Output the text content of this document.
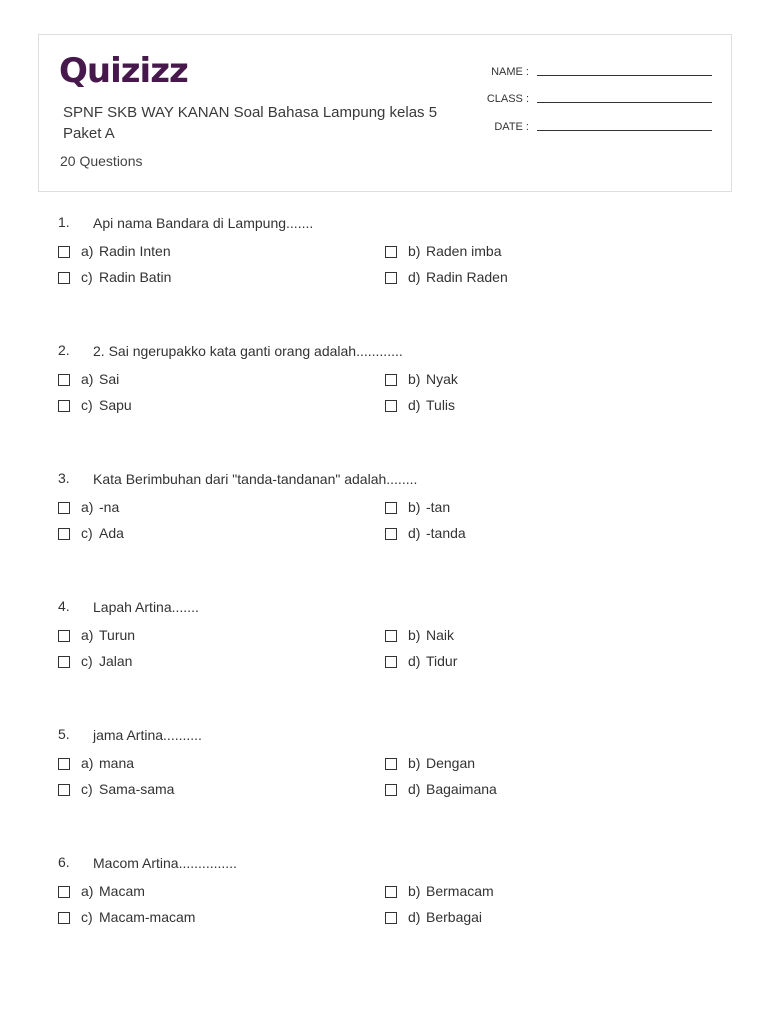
Quizizz
SPNF SKB WAY KANAN Soal Bahasa Lampung kelas 5 Paket A
20 Questions
NAME :
CLASS :
DATE :
1. Api nama Bandara di Lampung.......
a) Radin Inten	b) Raden imba
c) Radin Batin	d) Radin Raden
2. 2. Sai ngerupakko kata ganti orang adalah............
a) Sai	b) Nyak
c) Sapu	d) Tulis
3. Kata Berimbuhan dari "tanda-tandanan" adalah........
a) -na	b) -tan
c) Ada	d) -tanda
4. Lapah Artina.......
a) Turun	b) Naik
c) Jalan	d) Tidur
5. jama Artina..........
a) mana	b) Dengan
c) Sama-sama	d) Bagaimana
6. Macom Artina...............
a) Macam	b) Bermacam
c) Macam-macam	d) Berbagai
